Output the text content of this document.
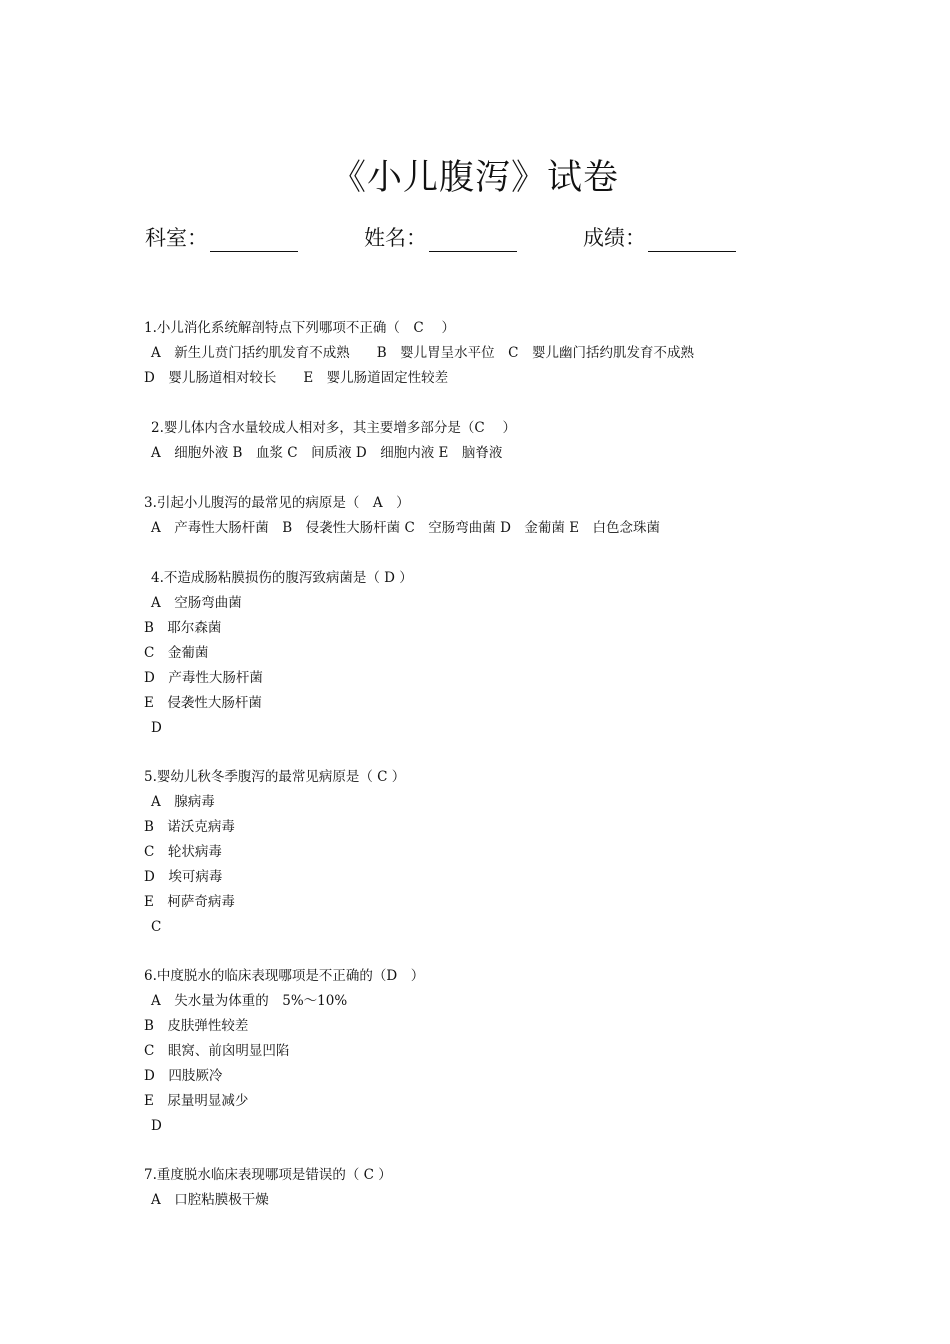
《小儿腹泻》试卷
科室：	姓名：	成绩：
1.小儿消化系统解剖特点下列哪项不正确（　C　 ）
A　新生儿贲门括约肌发育不成熟　　B　婴儿胃呈水平位　C　婴儿幽门括约肌发育不成熟
D　婴儿肠道相对较长　　E　婴儿肠道固定性较差
2.婴儿体内含水量较成人相对多，其主要增多部分是（C　 ）
A　细胞外液 B　血浆 C　间质液 D　细胞内液 E　脑脊液
3.引起小儿腹泻的最常见的病原是（　A　）
A　产毒性大肠杆菌　B　侵袭性大肠杆菌 C　空肠弯曲菌 D　金葡菌 E　白色念珠菌
4.不造成肠粘膜损伤的腹泻致病菌是（ D ）
A　空肠弯曲菌
B　耶尔森菌
C　金葡菌
D　产毒性大肠杆菌
E　侵袭性大肠杆菌
D
5.婴幼儿秋冬季腹泻的最常见病原是（ C ）
A　腺病毒
B　诺沃克病毒
C　轮状病毒
D　埃可病毒
E　柯萨奇病毒
C
6.中度脱水的临床表现哪项是不正确的（D　）
A　失水量为体重的　5%～10%
B　皮肤弹性较差
C　眼窝、前囟明显凹陷
D　四肢厥冷
E　尿量明显减少
D
7.重度脱水临床表现哪项是错误的（ C ）
A　口腔粘膜极干燥
